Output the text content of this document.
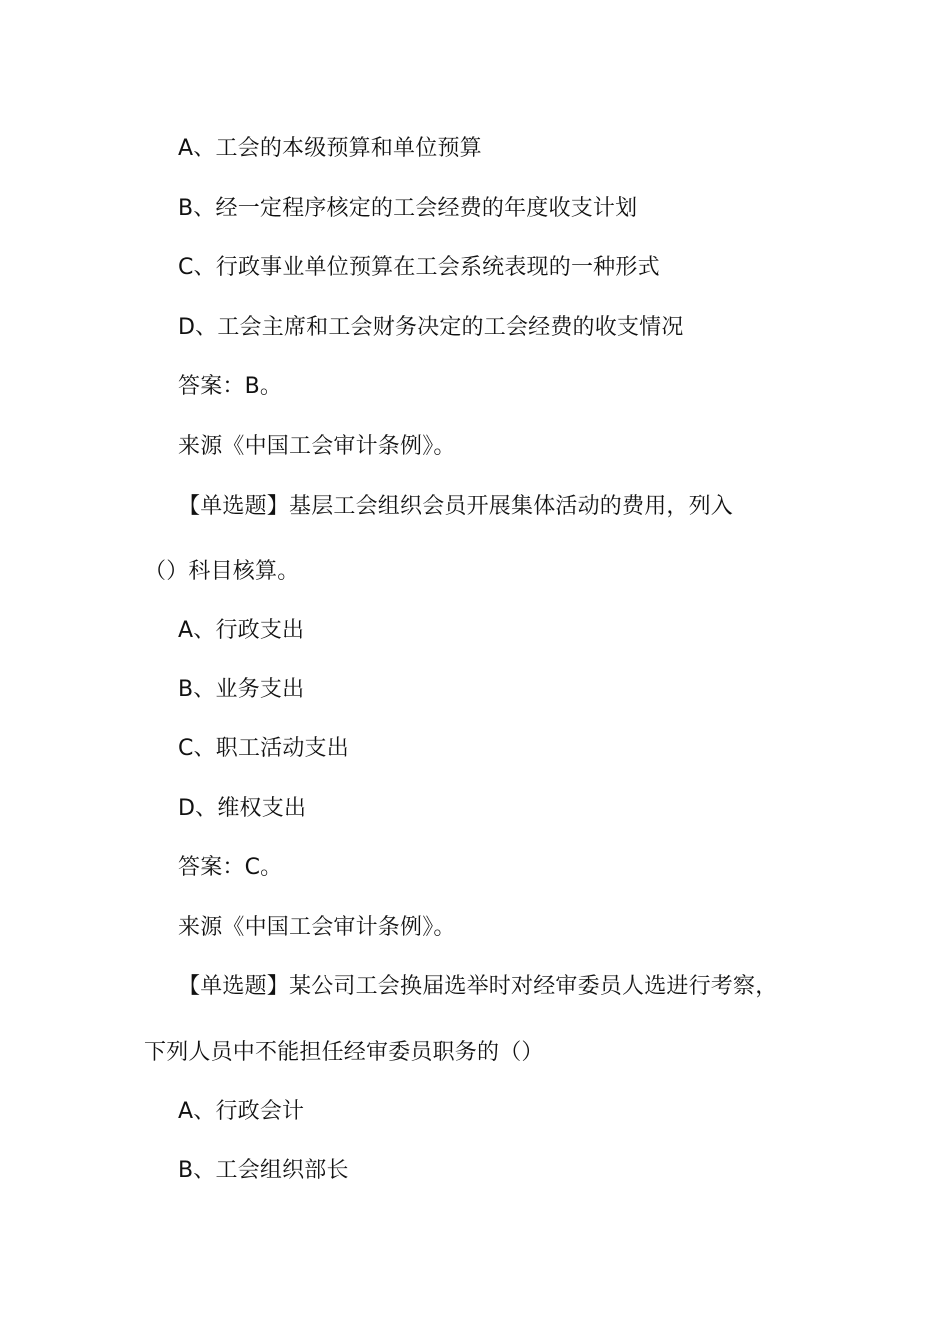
A、工会的本级预算和单位预算
B、经一定程序核定的工会经费的年度收支计划
C、行政事业单位预算在工会系统表现的一种形式
D、工会主席和工会财务决定的工会经费的收支情况
答案：B。
来源《中国工会审计条例》。
【单选题】基层工会组织会员开展集体活动的费用，列入
（）科目核算。
A、行政支出
B、业务支出
C、职工活动支出
D、维权支出
答案：C。
来源《中国工会审计条例》。
【单选题】某公司工会换届选举时对经审委员人选进行考察，
下列人员中不能担任经审委员职务的（）
A、行政会计
B、工会组织部长
